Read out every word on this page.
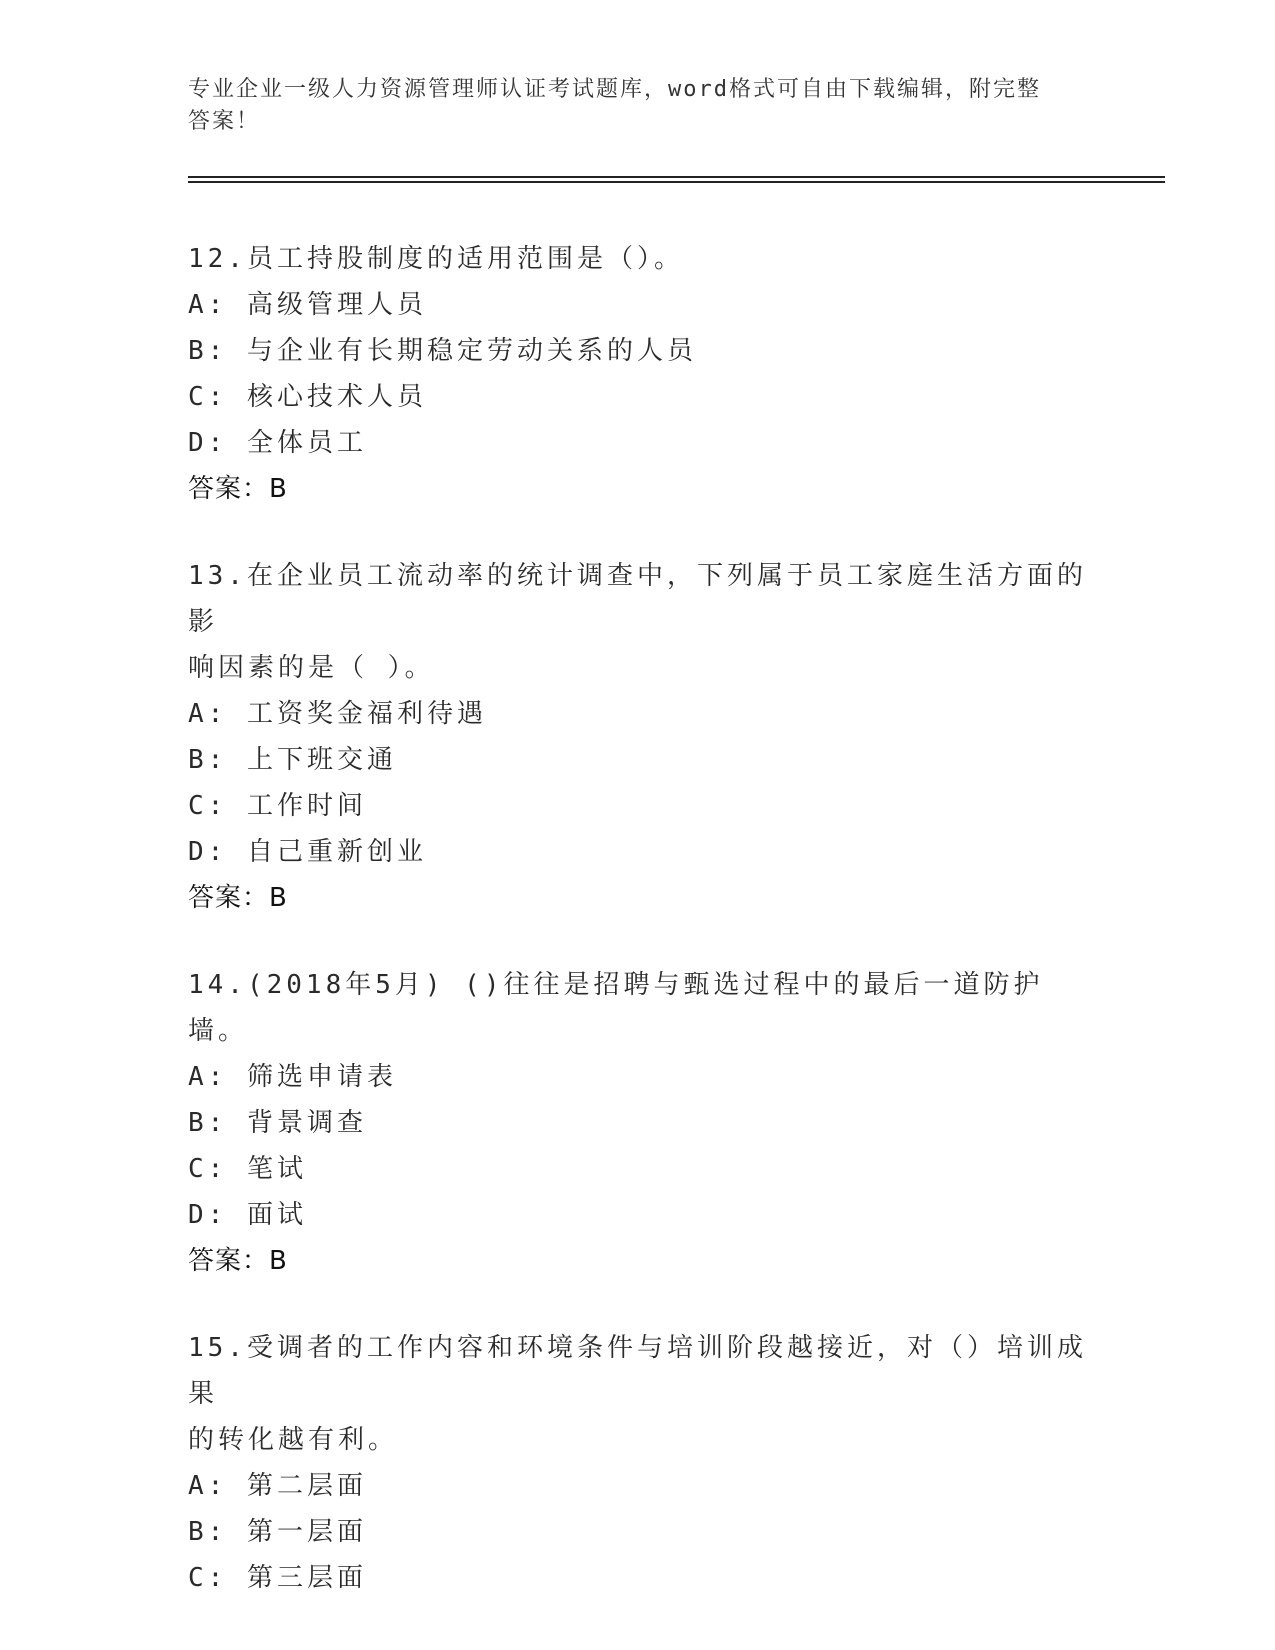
专业企业一级人力资源管理师认证考试题库，word格式可自由下载编辑，附完整
答案！
12.员工持股制度的适用范围是（）。
A: 高级管理人员
B: 与企业有长期稳定劳动关系的人员
C: 核心技术人员
D: 全体员工
答案：B
13.在企业员工流动率的统计调查中，下列属于员工家庭生活方面的影
响因素的是（ ）。
A: 工资奖金福利待遇
B: 上下班交通
C: 工作时间
D: 自己重新创业
答案：B
14.(2018年5月) ()往往是招聘与甄选过程中的最后一道防护墙。
A: 筛选申请表
B: 背景调查
C: 笔试
D: 面试
答案：B
15.受调者的工作内容和环境条件与培训阶段越接近，对（）培训成果
的转化越有利。
A: 第二层面
B: 第一层面
C: 第三层面
